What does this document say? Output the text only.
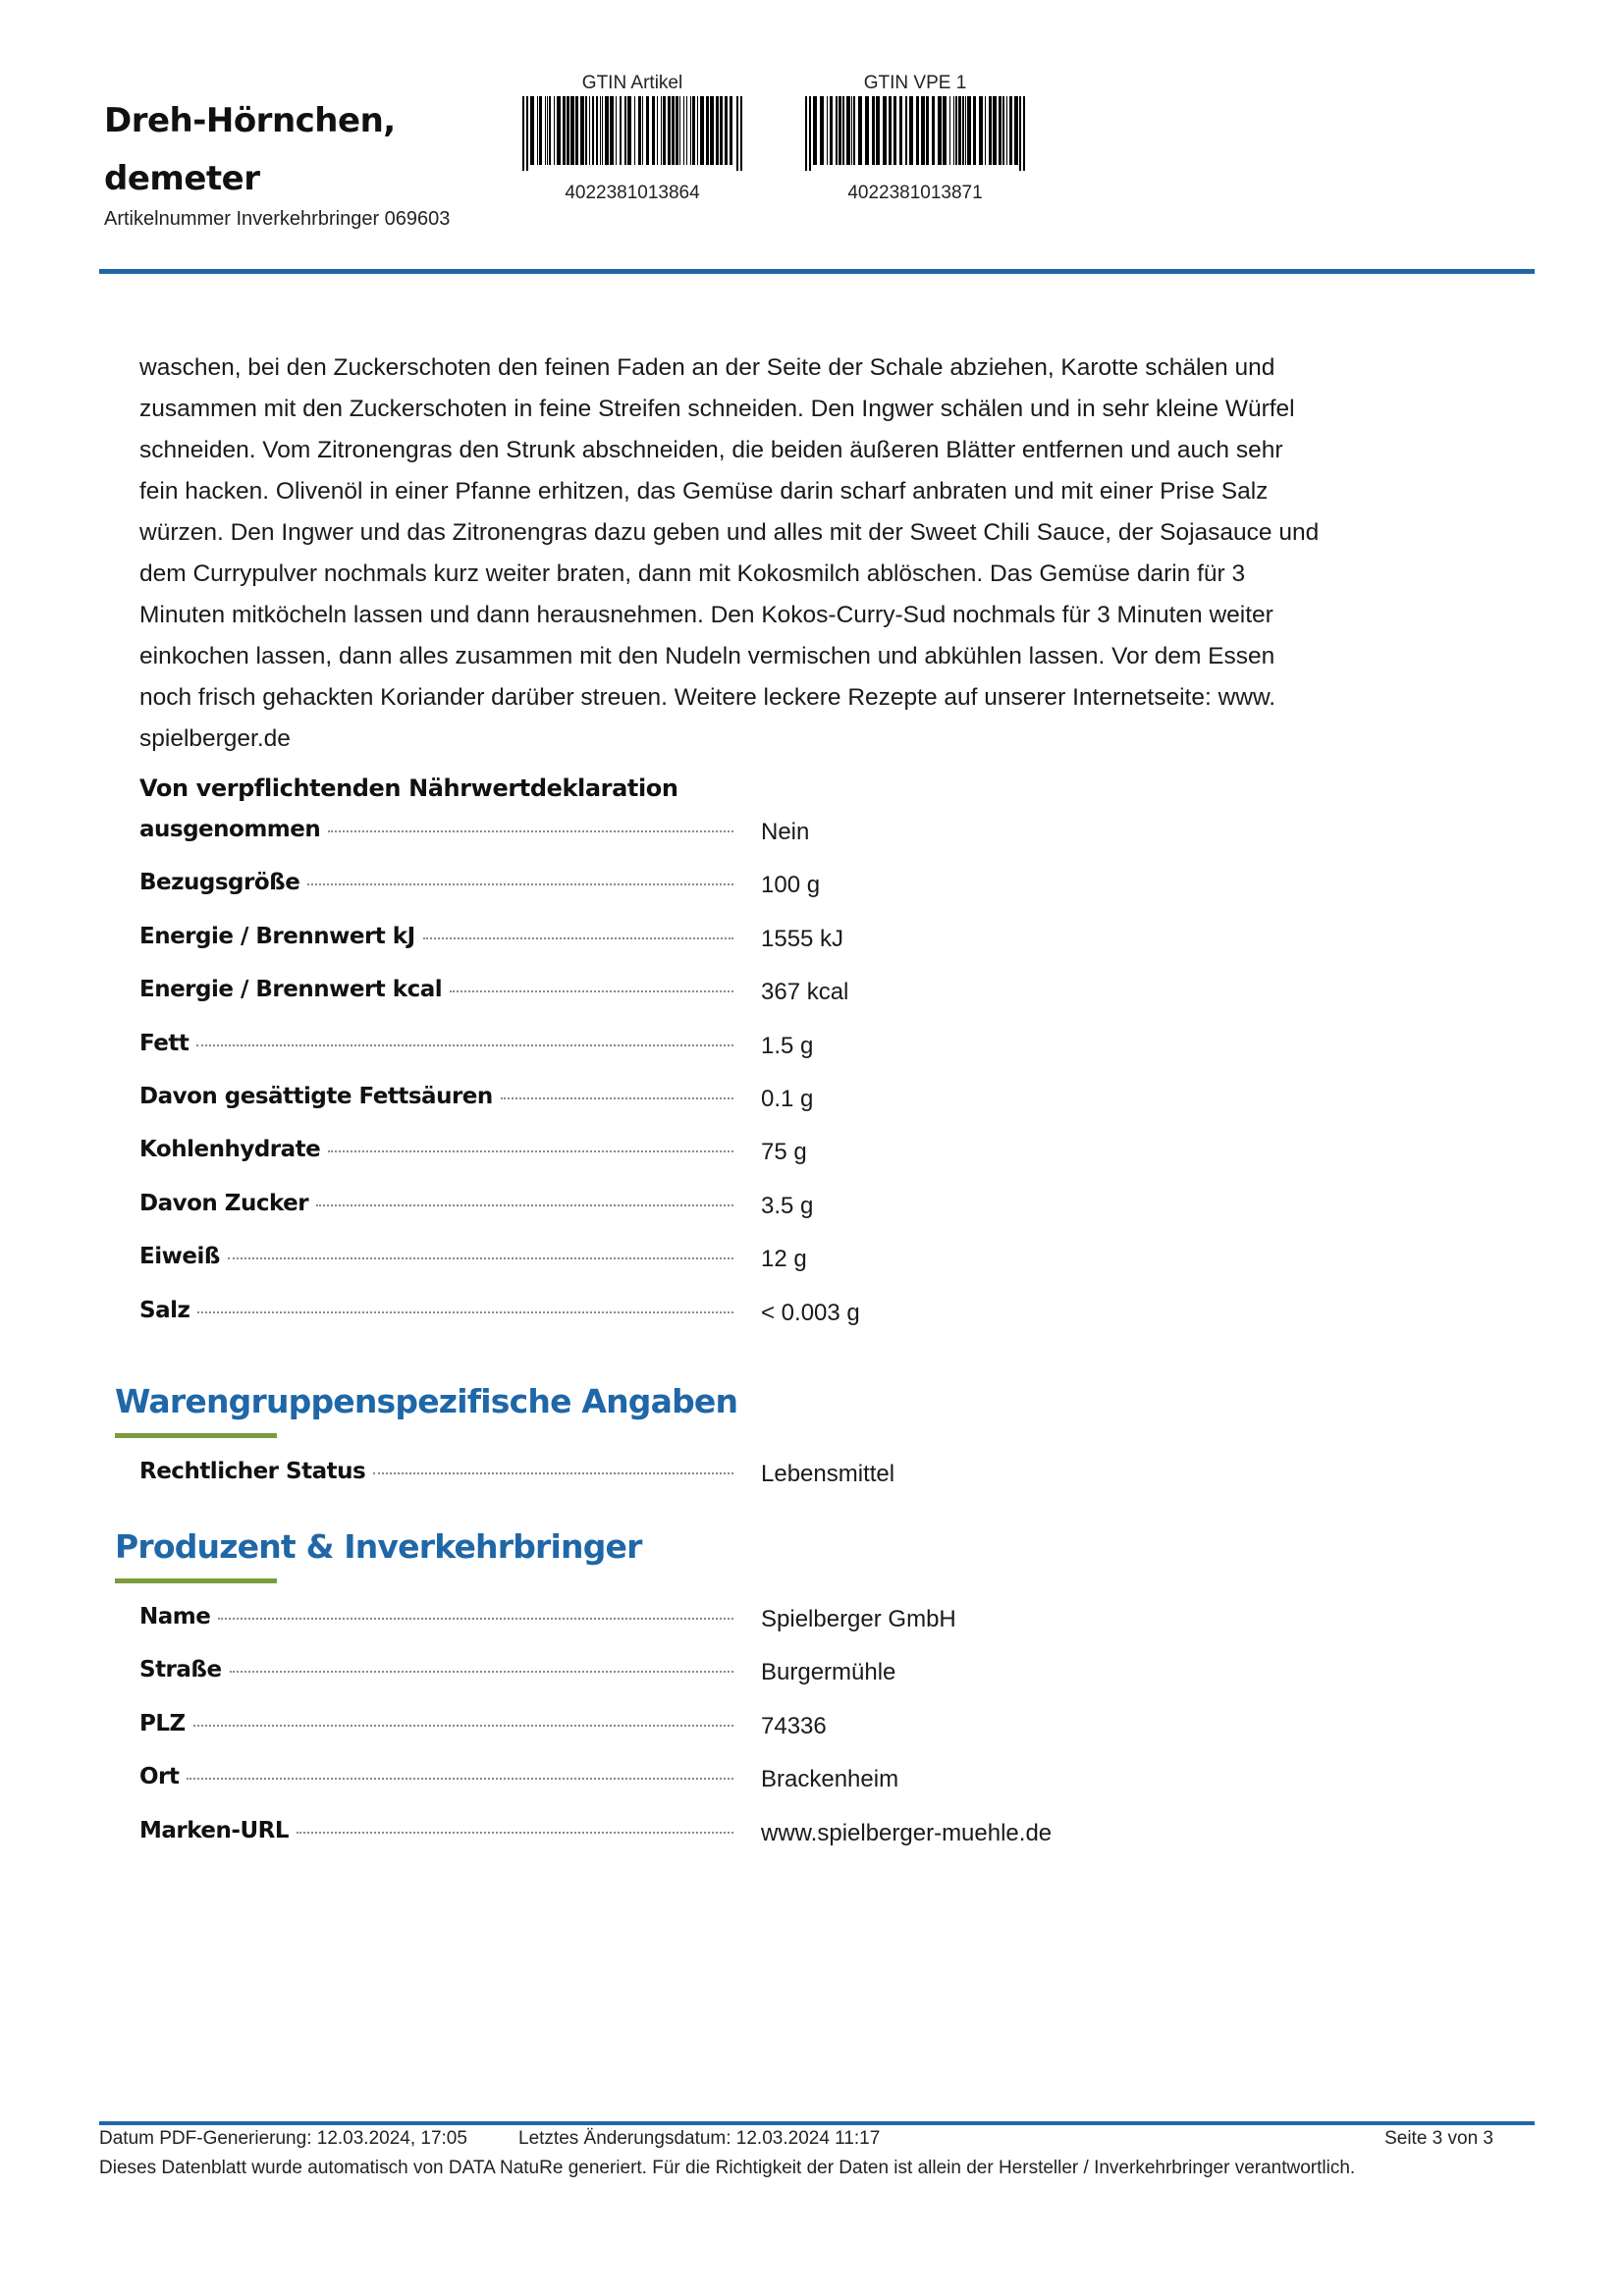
Dreh-Hörnchen,
demeter
Artikelnummer Inverkehrbringer 069603
GTIN Artikel
4022381013864
GTIN VPE 1
4022381013871
waschen, bei den Zuckerschoten den feinen Faden an der Seite der Schale abziehen, Karotte schälen und
zusammen mit den Zuckerschoten in feine Streifen schneiden. Den Ingwer schälen und in sehr kleine Würfel
schneiden. Vom Zitronengras den Strunk abschneiden, die beiden äußeren Blätter entfernen und auch sehr
fein hacken. Olivenöl in einer Pfanne erhitzen, das Gemüse darin scharf anbraten und mit einer Prise Salz
würzen. Den Ingwer und das Zitronengras dazu geben und alles mit der Sweet Chili Sauce, der Sojasauce und
dem Currypulver nochmals kurz weiter braten, dann mit Kokosmilch ablöschen. Das Gemüse darin für 3
Minuten mitköcheln lassen und dann herausnehmen. Den Kokos-Curry-Sud nochmals für 3 Minuten weiter
einkochen lassen, dann alles zusammen mit den Nudeln vermischen und abkühlen lassen. Vor dem Essen
noch frisch gehackten Koriander darüber streuen. Weitere leckere Rezepte auf unserer Internetseite: www.
spielberger.de
Von verpflichtenden Nährwertdeklaration
ausgenommen	Nein
Bezugsgröße	100 g
Energie / Brennwert kJ	1555 kJ
Energie / Brennwert kcal	367 kcal
Fett	1.5 g
Davon gesättigte Fettsäuren	0.1 g
Kohlenhydrate	75 g
Davon Zucker	3.5 g
Eiweiß	12 g
Salz	< 0.003 g
Warengruppenspezifische Angaben
Rechtlicher Status	Lebensmittel
Produzent & Inverkehrbringer
Name	Spielberger GmbH
Straße	Burgermühle
PLZ	74336
Ort	Brackenheim
Marken-URL	www.spielberger-muehle.de
Datum PDF-Generierung: 12.03.2024, 17:05	Letztes Änderungsdatum: 12.03.2024 11:17	Seite 3 von 3
Dieses Datenblatt wurde automatisch von DATA NatuRe generiert. Für die Richtigkeit der Daten ist allein der Hersteller / Inverkehrbringer verantwortlich.
